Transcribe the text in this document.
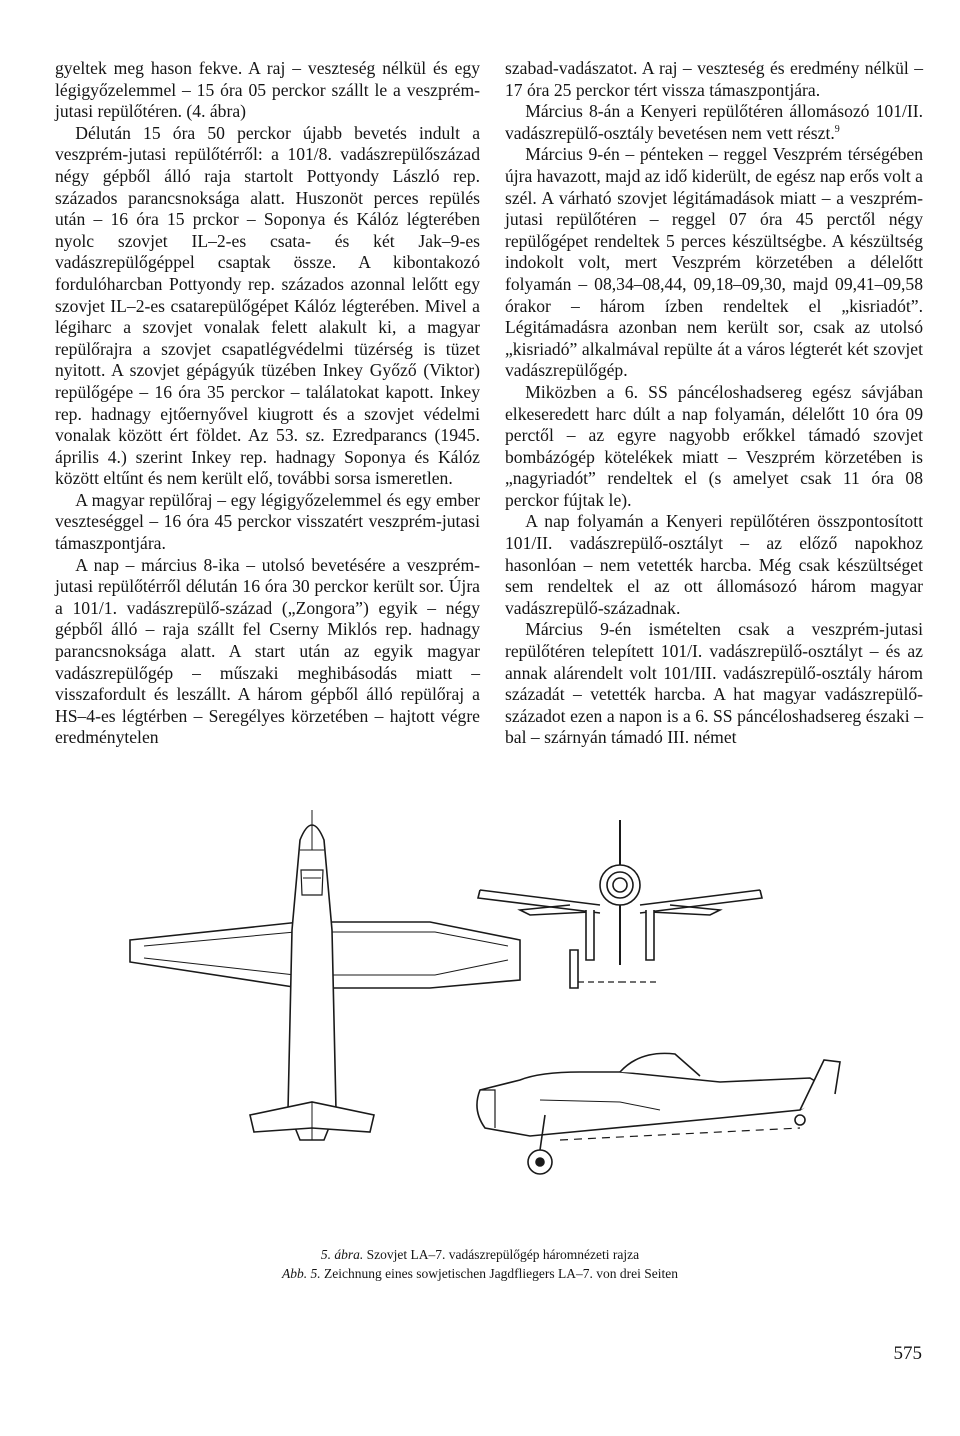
gyeltek meg hason fekve. A raj – veszteség nélkül és egy légigyőzelemmel – 15 óra 05 perckor szállt le a veszprém-jutasi repülőtéren. (4. ábra)

Délután 15 óra 50 perckor újabb bevetés indult a veszprém-jutasi repülőtérről: a 101/8. vadászrepülőszázad négy gépből álló raja startolt Pottyondy László rep. százados parancsnoksága alatt. Huszonöt perces repülés után – 16 óra 15 prckor – Soponya és Kálóz légterében nyolc szovjet IL–2-es csata- és két Jak–9-es vadászrepülőgéppel csaptak össze. A kibontakozó fordulóharcban Pottyondy rep. százados azonnal lelőtt egy szovjet IL–2-es csatarepülőgépet Kálóz légterében. Mivel a légiharc a szovjet vonalak felett alakult ki, a magyar repülőrajra a szovjet csapatlégvédelmi tüzérség is tüzet nyitott. A szovjet gépágyúk tüzében Inkey Győző (Viktor) repülőgépe – 16 óra 35 perckor – találatokat kapott. Inkey rep. hadnagy ejtőernyővel kiugrott és a szovjet védelmi vonalak között ért földet. Az 53. sz. Ezredparancs (1945. április 4.) szerint Inkey rep. hadnagy Soponya és Kálóz között eltűnt és nem került elő, további sorsa ismeretlen.

A magyar repülőraj – egy légigyőzelemmel és egy ember veszteséggel – 16 óra 45 perckor visszatért veszprém-jutasi támaszpontjára.

A nap – március 8-ika – utolsó bevetésére a veszprém-jutasi repülőtérről délután 16 óra 30 perckor került sor. Újra a 101/1. vadászrepülő-század („Zongora”) egyik – négy gépből álló – raja szállt fel Cserny Miklós rep. hadnagy parancsnoksága alatt. A start után az egyik magyar vadászrepülőgép – műszaki meghibásodás miatt – visszafordult és leszállt. A három gépből álló repülőraj a HS–4-es légtérben – Seregélyes körzetében – hajtott végre eredménytelen

szabad-vadászatot. A raj – veszteség és eredmény nélkül – 17 óra 25 perckor tért vissza támaszpontjára.

Március 8-án a Kenyeri repülőtéren állomásozó 101/II. vadászrepülő-osztály bevetésen nem vett részt.$^9$

Március 9-én – pénteken – reggel Veszprém térségében újra havazott, majd az idő kiderült, de egész nap erős volt a szél. A várható szovjet légitámadások miatt – a veszprém-jutasi repülőtéren – reggel 07 óra 45 perctől négy repülőgépet rendeltek 5 perces készültségbe. A készültség indokolt volt, mert Veszprém körzetében a délelőtt folyamán – 08,34–08,44, 09,18–09,30, majd 09,41–09,58 órakor – három ízben rendeltek el „kisriadót”. Légitámadásra azonban nem került sor, csak az utolsó „kisriadó” alkalmával repülte át a város légterét két szovjet vadászrepülőgép.

Miközben a 6. SS páncéloshadsereg egész sávjában elkeseredett harc dúlt a nap folyamán, délelőtt 10 óra 09 perctől – az egyre nagyobb erőkkel támadó szovjet bombázógép kötelékek miatt – Veszprém körzetében is „nagyriadót” rendeltek el (s amelyet csak 11 óra 08 perckor fújtak le).

A nap folyamán a Kenyeri repülőtéren összpontosított 101/II. vadászrepülő-osztályt – az előző napokhoz hasonlóan – nem vetették harcba. Még csak készültséget sem rendeltek el az ott állomásozó három magyar vadászrepülő-századnak.

Március 9-én ismételten csak a veszprém-jutasi repülőtéren telepített 101/I. vadászrepülő-osztályt – és az annak alárendelt volt 101/III. vadászrepülő-osztály három századát – vetették harcba. A hat magyar vadászrepülő-századot ezen a napon is a 6. SS páncéloshadsereg északi – bal – szárnyán támadó III. német

5. ábra. Szovjet LA–7. vadászrepülőgép háromnézeti rajza
Abb. 5. Zeichnung eines sowjetischen Jagdfliegers LA–7. von drei Seiten
575
